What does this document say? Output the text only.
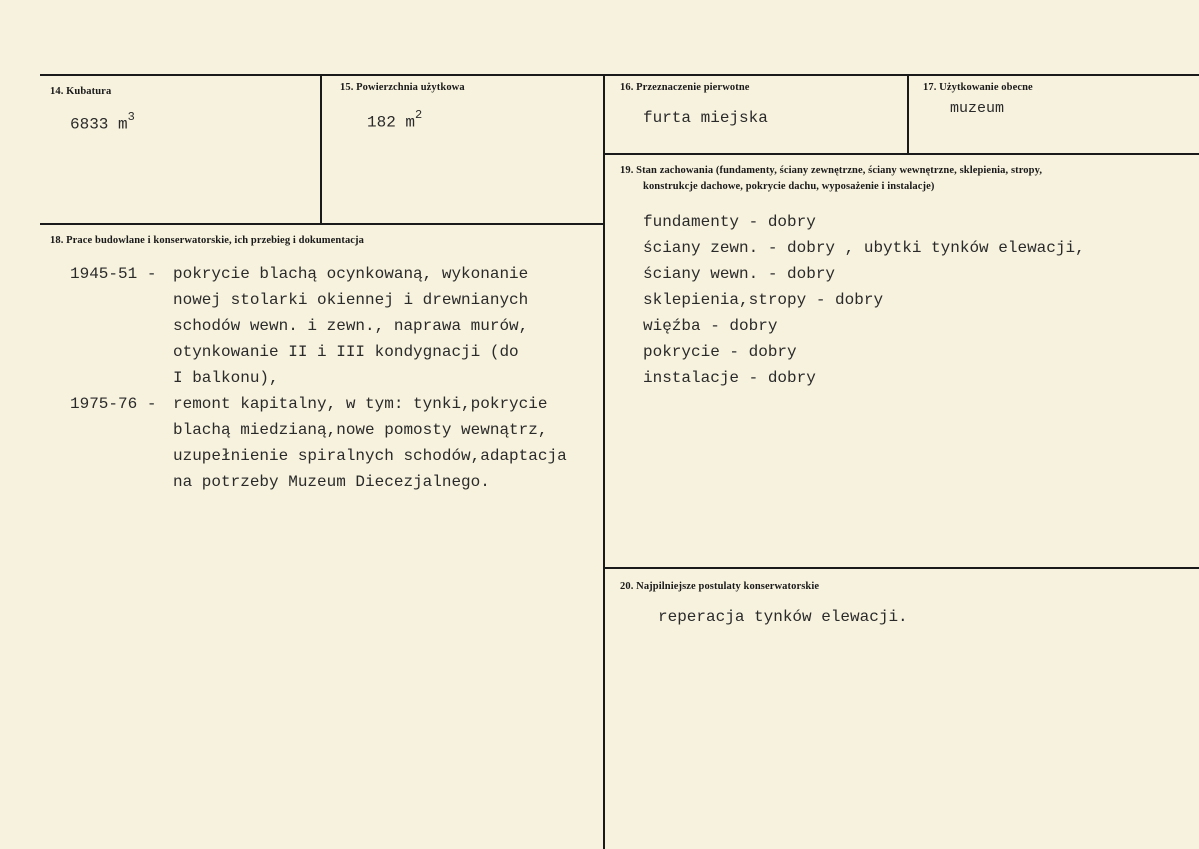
14. Kubatura
6833 $m^3$
15. Powierzchnia użytkowa
182 $m^2$
16. Przeznaczenie pierwotne
furta miejska
17. Użytkowanie obecne
muzeum
19. Stan zachowania (fundamenty, ściany zewnętrzne, ściany wewnętrzne, sklepienia, stropy,
konstrukcje dachowe, pokrycie dachu, wyposażenie i instalacje)
fundamenty - dobry
ściany zewn. - dobry , ubytki tynków elewacji,
ściany wewn. - dobry
sklepienia,stropy - dobry
więźba - dobry
pokrycie - dobry
instalacje - dobry
18. Prace budowlane i konserwatorskie, ich przebieg i dokumentacja
1945-51 - pokrycie blachą ocynkowaną, wykonanie
nowej stolarki okiennej i drewnianych
schodów wewn. i zewn., naprawa murów,
otynkowanie II i III kondygnacji (do
I balkonu),
1975-76 - remont kapitalny, w tym: tynki,pokrycie
blachą miedzianą,nowe pomosty wewnątrz,
uzupełnienie spiralnych schodów,adaptacja
na potrzeby Muzeum Diecezjalnego.
20. Najpilniejsze postulaty konserwatorskie
reperacja tynków elewacji.
